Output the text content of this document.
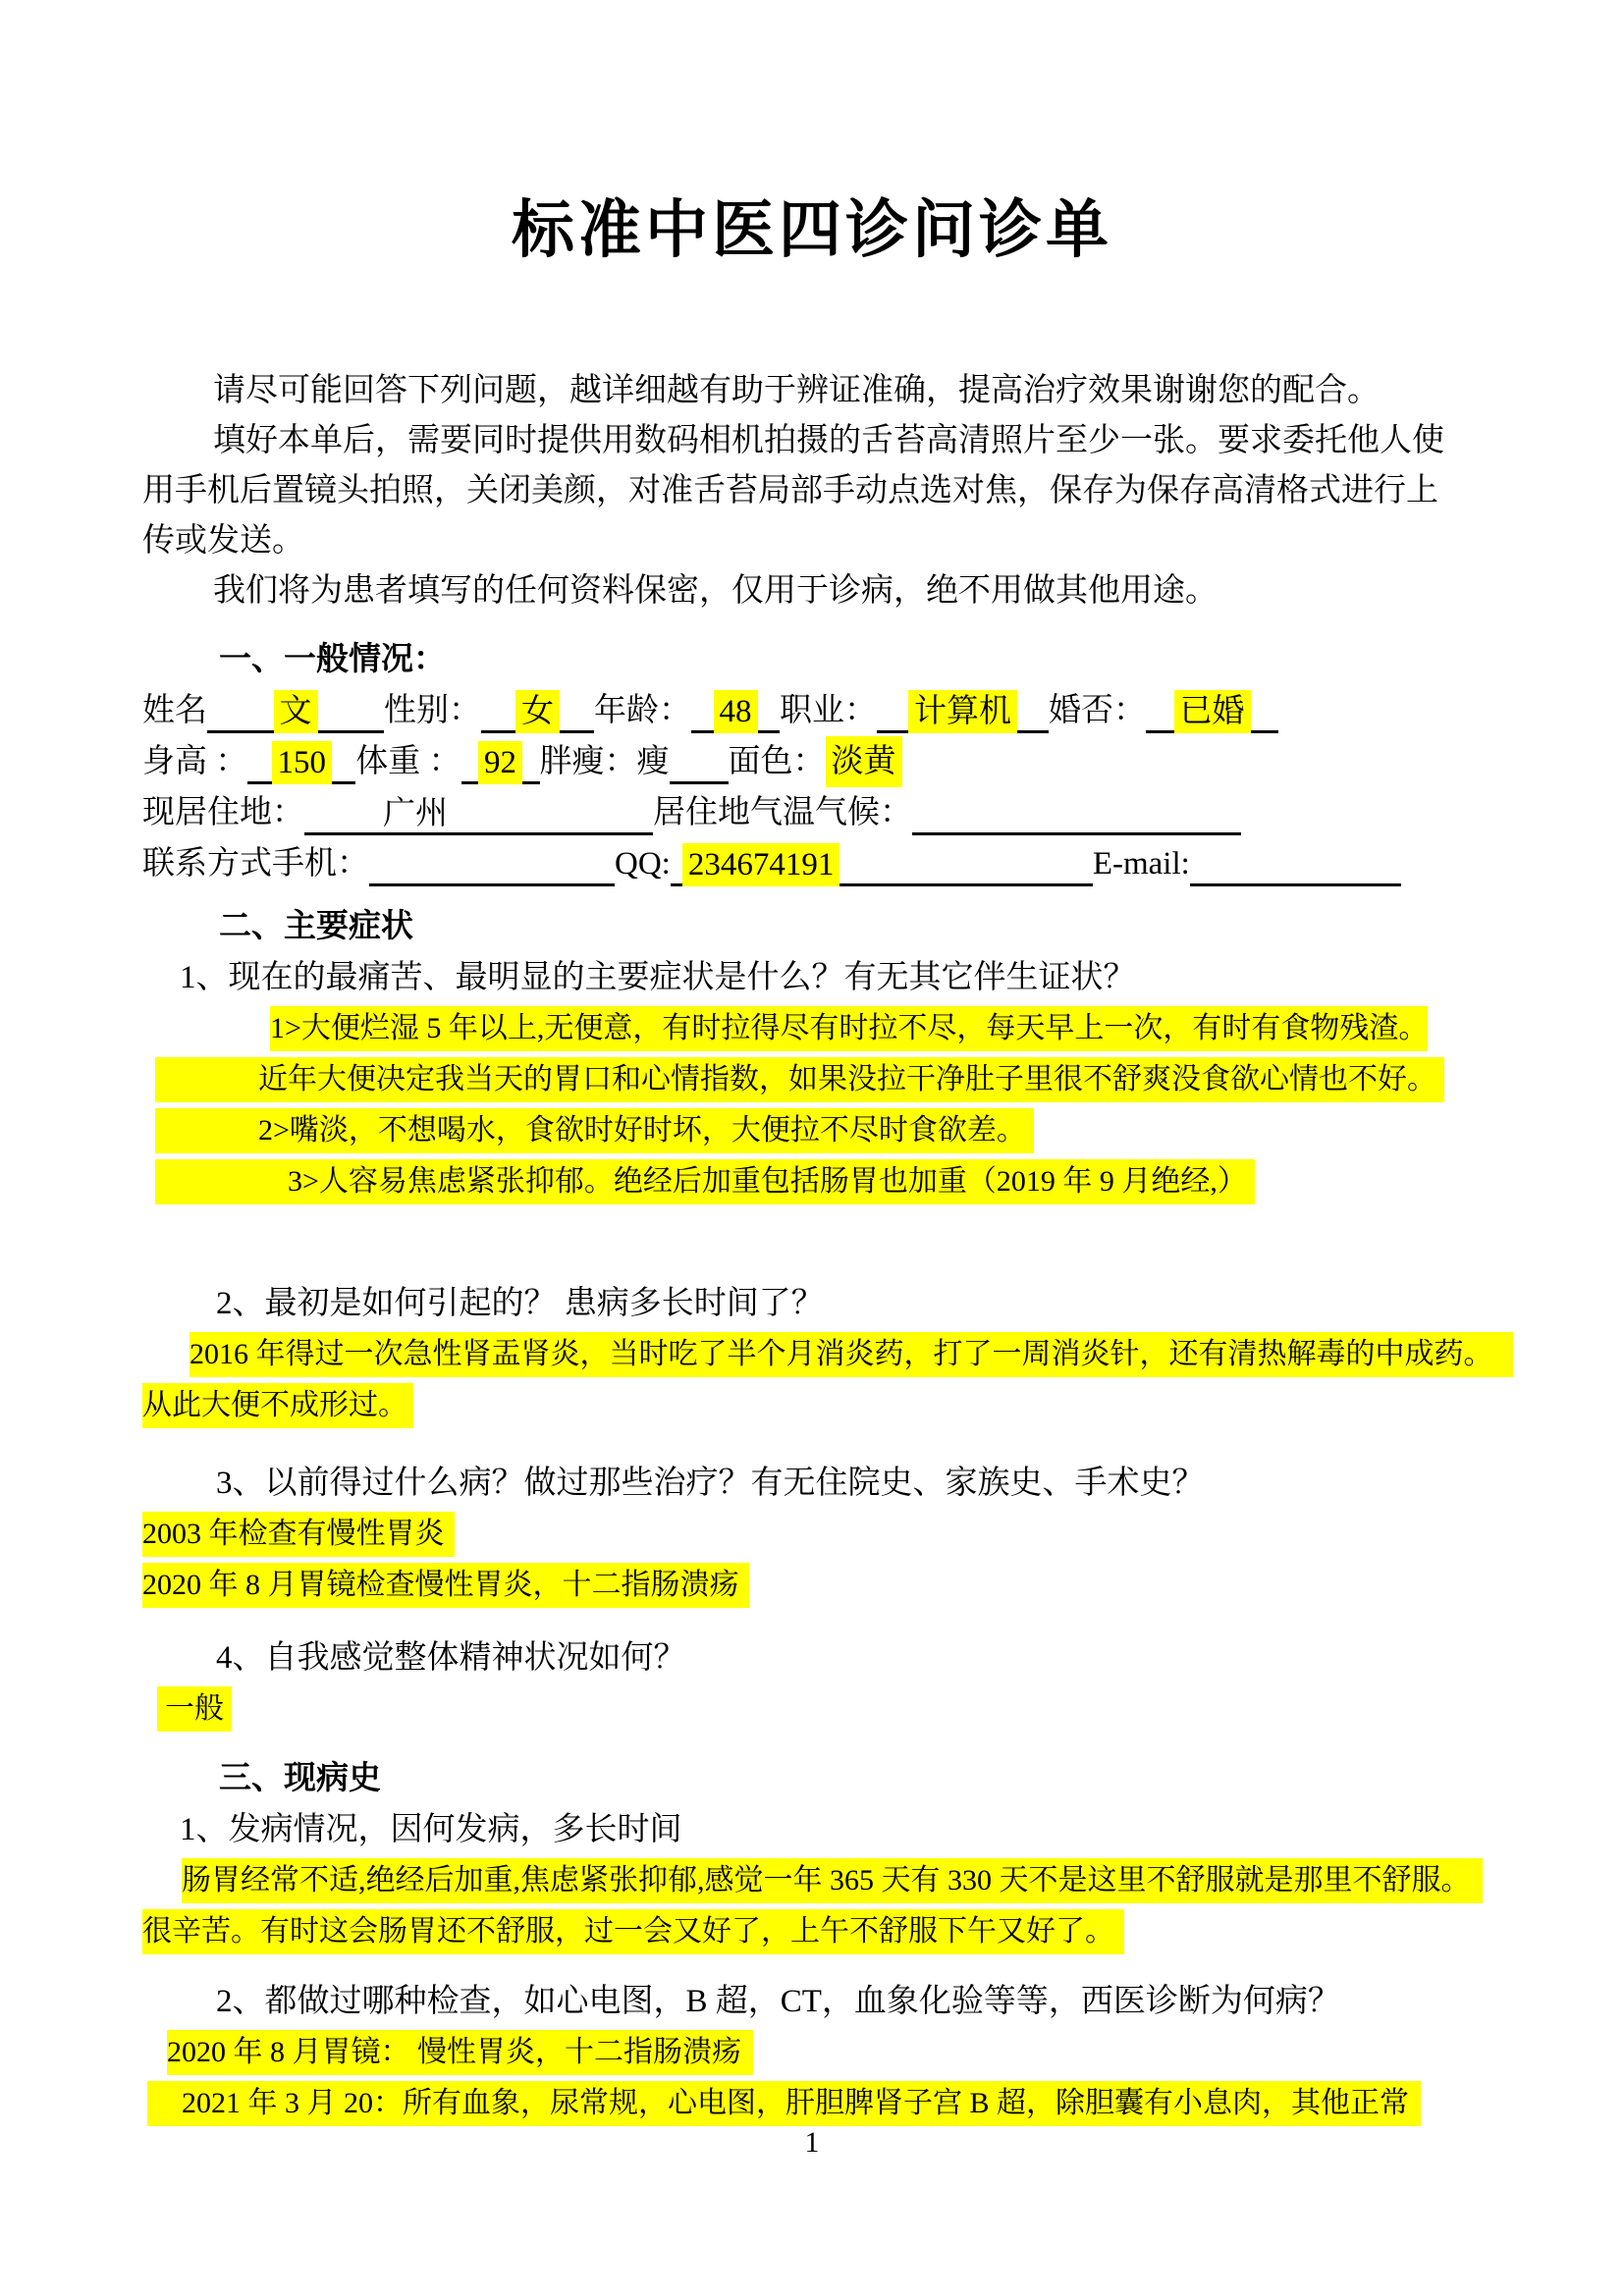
标准中医四诊问诊单
请尽可能回答下列问题，越详细越有助于辨证准确，提高治疗效果谢谢您的配合。
填好本单后，需要同时提供用数码相机拍摄的舌苔高清照片至少一张。要求委托他人使
用手机后置镜头拍照，关闭美颜，对准舌苔局部手动点选对焦，保存为保存高清格式进行上
传或发送。
我们将为患者填写的任何资料保密，仅用于诊病，绝不用做其他用途。
一、一般情况：
姓名 文 性别： 女 年龄： 48 职业： 计算机 婚否： 已婚
身高 ： 150 体重 ： 92 胖瘦：瘦 面色： 淡黄
现居住地： 广州	居住地气温气候：
联系方式手机：	QQ: 234674191	E-mail:
二、主要症状
1、现在的最痛苦、最明显的主要症状是什么？有无其它伴生证状？
1>大便烂湿 5 年以上,无便意，有时拉得尽有时拉不尽，每天早上一次，有时有食物残渣。
近年大便决定我当天的胃口和心情指数，如果没拉干净肚子里很不舒爽没食欲心情也不好。
2>嘴淡，不想喝水，食欲时好时坏，大便拉不尽时食欲差。
3>人容易焦虑紧张抑郁。绝经后加重包括肠胃也加重（2019 年 9 月绝经,）
2、最初是如何引起的？ 患病多长时间了？
2016 年得过一次急性肾盂肾炎，当时吃了半个月消炎药，打了一周消炎针，还有清热解毒的中成药。
从此大便不成形过。
3、以前得过什么病？做过那些治疗？有无住院史、家族史、手术史？
2003 年检查有慢性胃炎
2020 年 8 月胃镜检查慢性胃炎，十二指肠溃疡
4、自我感觉整体精神状况如何？
一般
三、现病史
1、发病情况，因何发病，多长时间
肠胃经常不适,绝经后加重,焦虑紧张抑郁,感觉一年 365 天有 330 天不是这里不舒服就是那里不舒服。
很辛苦。有时这会肠胃还不舒服，过一会又好了，上午不舒服下午又好了。
2、都做过哪种检查，如心电图，B 超，CT，血象化验等等，西医诊断为何病？
2020 年 8 月胃镜： 慢性胃炎，十二指肠溃疡
2021 年 3 月 20：所有血象，尿常规，心电图，肝胆脾肾子宫 B 超，除胆囊有小息肉，其他正常
1
